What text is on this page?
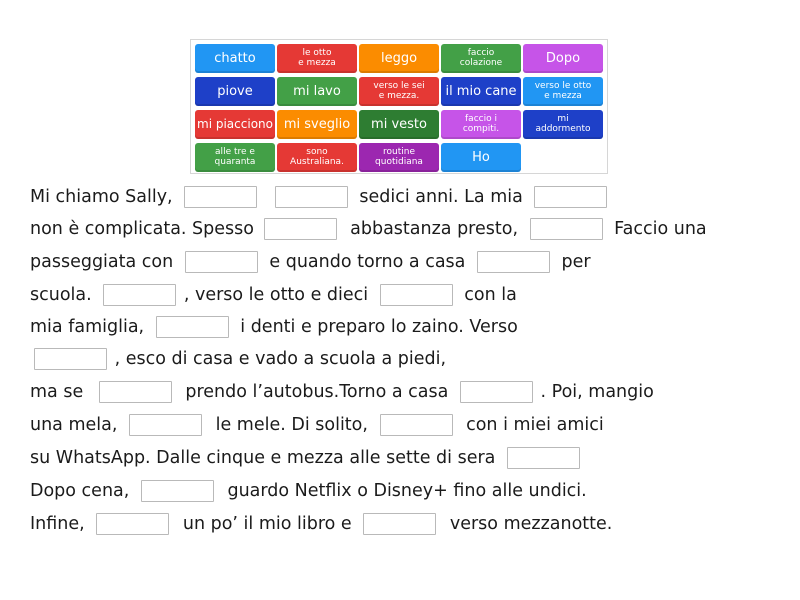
chatto	le otto
e mezza	leggo	faccio
colazione	Dopo
piove	mi lavo	verso le sei
e mezza.	il mio cane	verso le otto
e mezza
mi piacciono mi sveglio	mi vesto	faccio i
compiti.
mi
addormento
alle tre e
quaranta
sono
Australiana.
routine
quotidiana	Ho
Mi chiamo Sally,	sedici anni. La mia
non è complicata. Spesso	abbastanza presto,	Faccio una
passeggiata con	e quando torno a casa	per
scuola.	, verso le otto e dieci	con la
mia famiglia,	i denti e preparo lo zaino. Verso
, esco di casa e vado a scuola a piedi,
ma se	prendo l’autobus.Torno a casa	. Poi, mangio
una mela,	le mele. Di solito,	con i miei amici
su WhatsApp. Dalle cinque e mezza alle sette di sera
Dopo cena,	guardo Netflix o Disney+ fino alle undici.
Infine,	un po’ il mio libro e	verso mezzanotte.
